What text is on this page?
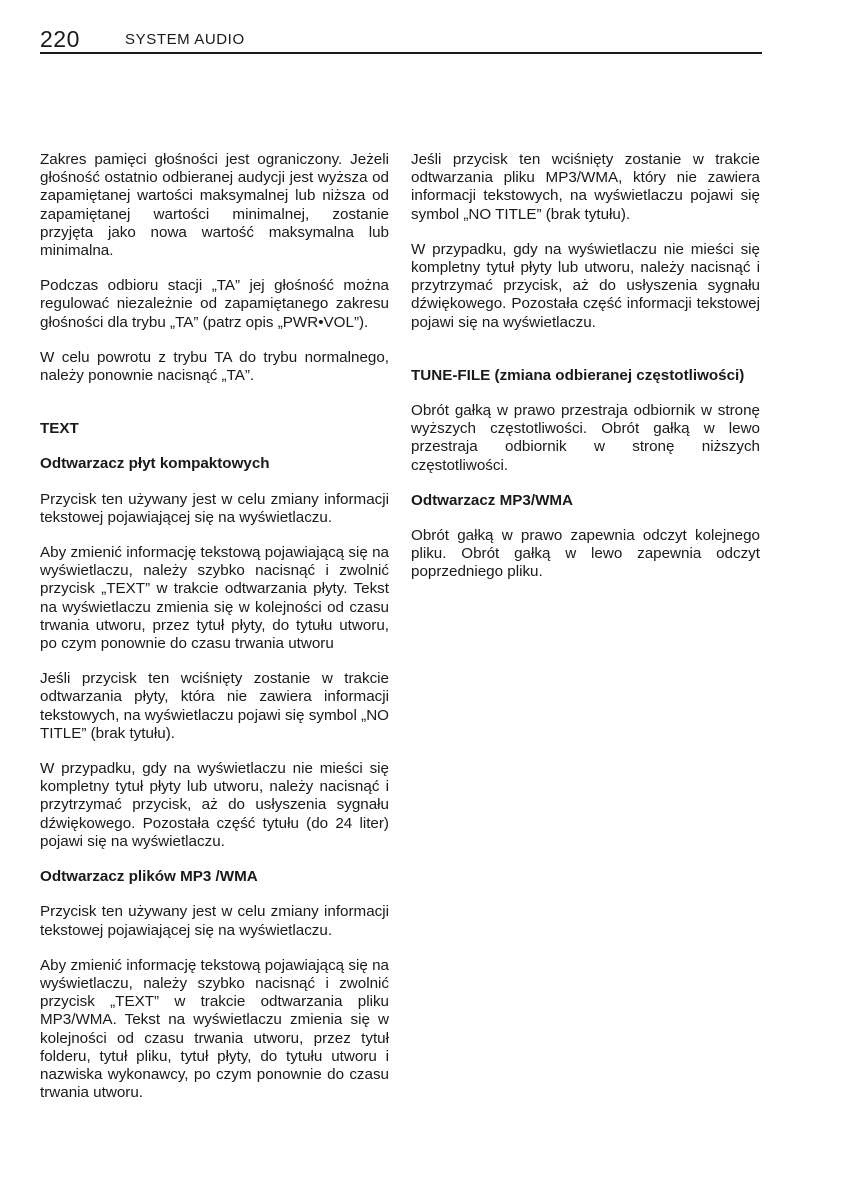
220	SYSTEM AUDIO

Zakres pamięci głośności jest ograniczony. Jeżeli głośność ostatnio odbieranej audycji jest wyższa od zapamiętanej wartości maksymalnej lub niższa od zapamiętanej wartości minimalnej, zostanie przyjęta jako nowa wartość maksymalna lub minimalna.

Podczas odbioru stacji „TA” jej głośność można regulować niezależnie od zapamiętanego zakresu głośności dla trybu „TA” (patrz opis „PWR•VOL”).

W celu powrotu z trybu TA do trybu normalnego, należy ponownie nacisnąć „TA”.

TEXT
Odtwarzacz płyt kompaktowych

Przycisk ten używany jest w celu zmiany informacji tekstowej pojawiającej się na wyświetlaczu.

Aby zmienić informację tekstową pojawiającą się na wyświetlaczu, należy szybko nacisnąć i zwolnić przycisk „TEXT” w trakcie odtwarzania płyty. Tekst na wyświetlaczu zmienia się w kolejności od czasu trwania utworu, przez tytuł płyty, do tytułu utworu, po czym ponownie do czasu trwania utworu

Jeśli przycisk ten wciśnięty zostanie w trakcie odtwarzania płyty, która nie zawiera informacji tekstowych, na wyświetlaczu pojawi się symbol „NO TITLE” (brak tytułu).

W przypadku, gdy na wyświetlaczu nie mieści się kompletny tytuł płyty lub utworu, należy nacisnąć i przytrzymać przycisk, aż do usłyszenia sygnału dźwiękowego. Pozostała część tytułu (do 24 liter) pojawi się na wyświetlaczu.

Odtwarzacz plików MP3 /WMA

Przycisk ten używany jest w celu zmiany informacji tekstowej pojawiającej się na wyświetlaczu.

Aby zmienić informację tekstową pojawiającą się na wyświetlaczu, należy szybko nacisnąć i zwolnić przycisk „TEXT” w trakcie odtwarzania pliku MP3/WMA. Tekst na wyświetlaczu zmienia się w kolejności od czasu trwania utworu, przez tytuł folderu, tytuł pliku, tytuł płyty, do tytułu utworu i nazwiska wykonawcy, po czym ponownie do czasu trwania utworu.

Jeśli przycisk ten wciśnięty zostanie w trakcie odtwarzania pliku MP3/WMA, który nie zawiera informacji tekstowych, na wyświetlaczu pojawi się symbol „NO TITLE” (brak tytułu).

W przypadku, gdy na wyświetlaczu nie mieści się kompletny tytuł płyty lub utworu, należy nacisnąć i przytrzymać przycisk, aż do usłyszenia sygnału dźwiękowego. Pozostała część informacji tekstowej pojawi się na wyświetlaczu.

TUNE-FILE (zmiana odbieranej częstotliwości)

Obrót gałką w prawo przestraja odbiornik w stronę wyższych częstotliwości. Obrót gałką w lewo przestraja odbiornik w stronę niższych częstotliwości.

Odtwarzacz MP3/WMA

Obrót gałką w prawo zapewnia odczyt kolejnego pliku. Obrót gałką w lewo zapewnia odczyt poprzedniego pliku.
